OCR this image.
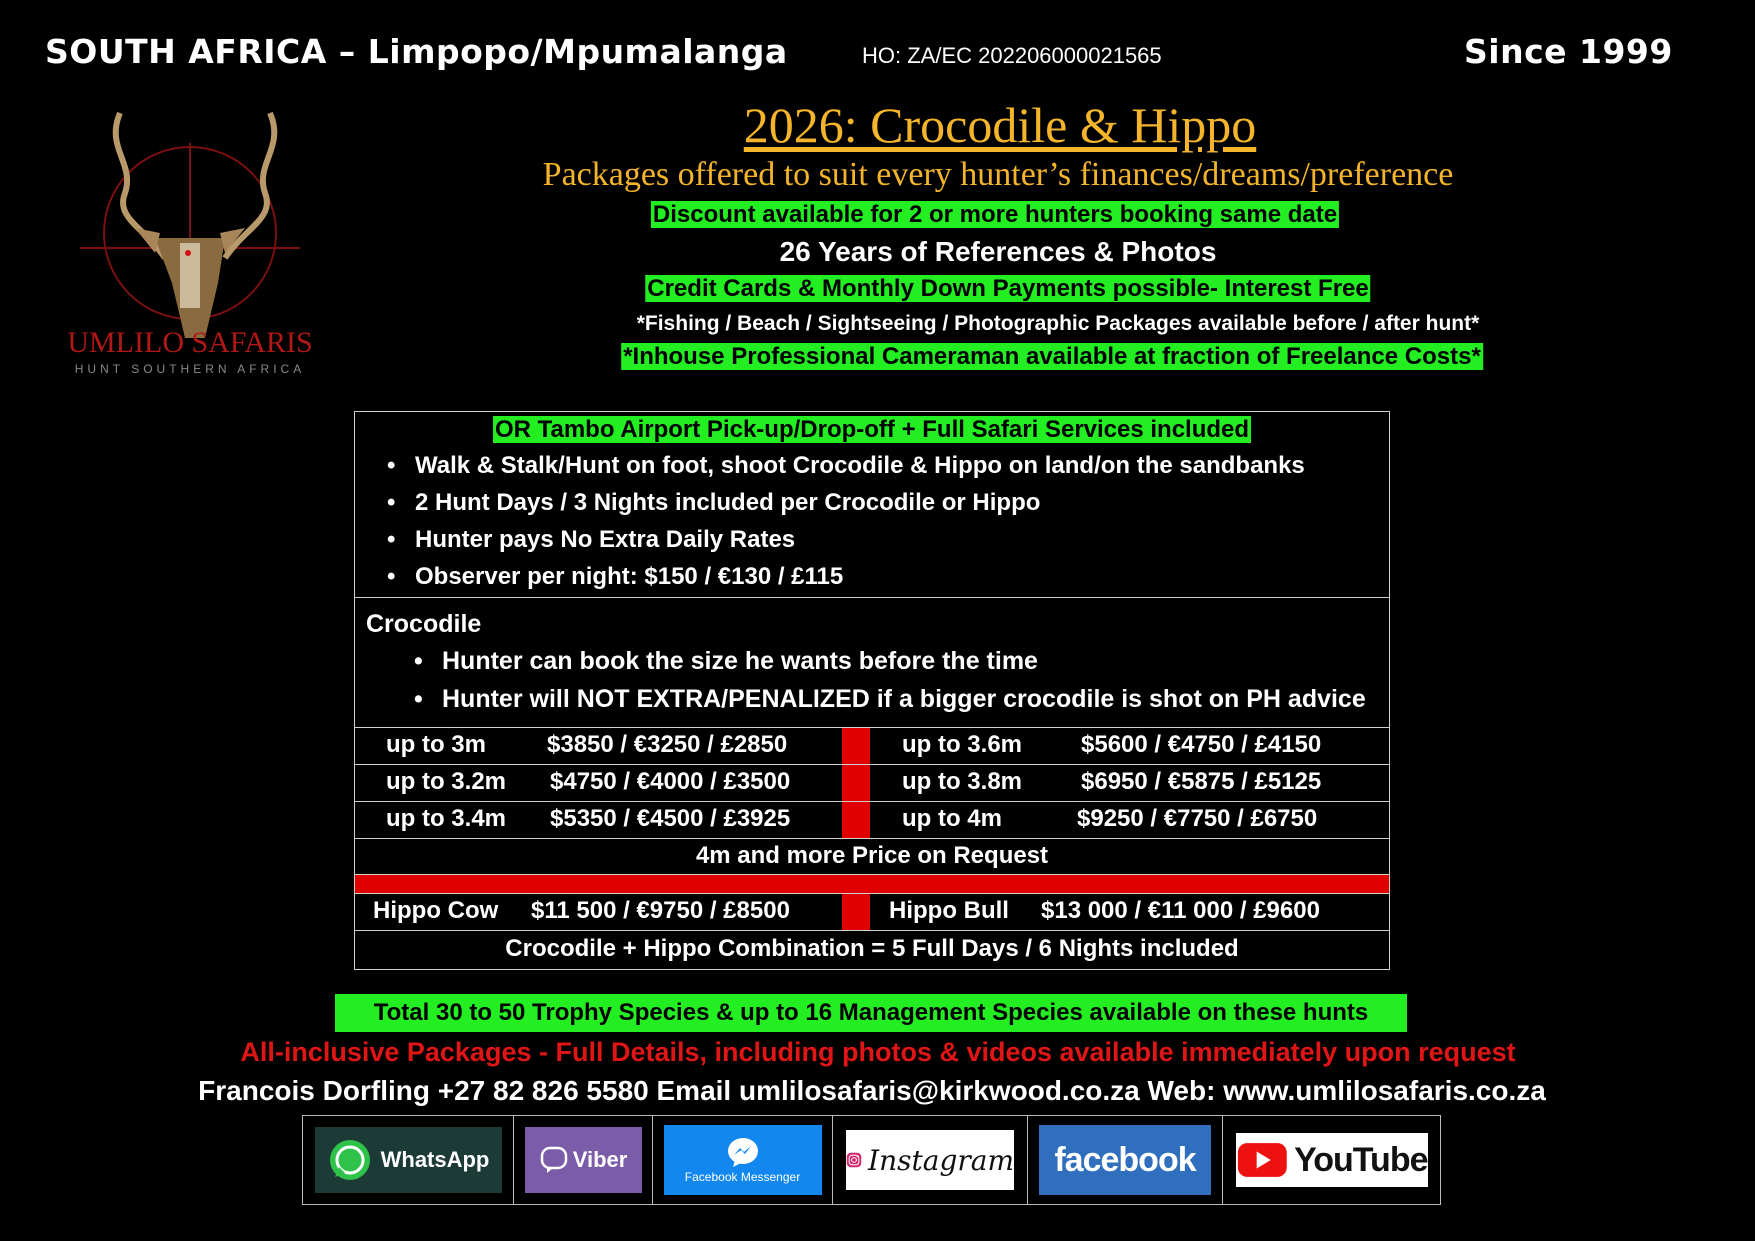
SOUTH AFRICA – Limpopo/Mpumalanga	HO: ZA/EC 202206000021565	Since 1999
UMLILO SAFARIS
HUNT SOUTHERN AFRICA
2026: Crocodile & Hippo
Packages offered to suit every hunter’s finances/dreams/preference
Discount available for 2 or more hunters booking same date
26 Years of References & Photos
Credit Cards & Monthly Down Payments possible- Interest Free
*Fishing / Beach / Sightseeing / Photographic Packages available before / after hunt*
*Inhouse Professional Cameraman available at fraction of Freelance Costs*
OR Tambo Airport Pick-up/Drop-off + Full Safari Services included
• Walk & Stalk/Hunt on foot, shoot Crocodile & Hippo on land/on the sandbanks
• 2 Hunt Days / 3 Nights included per Crocodile or Hippo
• Hunter pays No Extra Daily Rates
• Observer per night: $150 / €130 / £115
Crocodile
• Hunter can book the size he wants before the time
• Hunter will NOT EXTRA/PENALIZED if a bigger crocodile is shot on PH advice
up to 3m	$3850 / €3250 / £2850	up to 3.6m $5600 / €4750 / £4150
up to 3.2m $4750 / €4000 / £3500	up to 3.8m $6950 / €5875 / £5125
up to 3.4m $5350 / €4500 / £3925	up to 4m	$9250 / €7750 / £6750
4m and more Price on Request
Hippo Cow $11 500 / €9750 / £8500	Hippo Bull $13 000 / €11 000 / £9600
Crocodile + Hippo Combination = 5 Full Days / 6 Nights included
Total 30 to 50 Trophy Species & up to 16 Management Species available on these hunts
All-inclusive Packages - Full Details, including photos & videos available immediately upon request
Francois Dorfling +27 82 826 5580 Email umlilosafaris@kirkwood.co.za Web: www.umlilosafaris.co.za
WhatsApp	Viber
Facebook Messenger
Instagram facebook	YouTube
